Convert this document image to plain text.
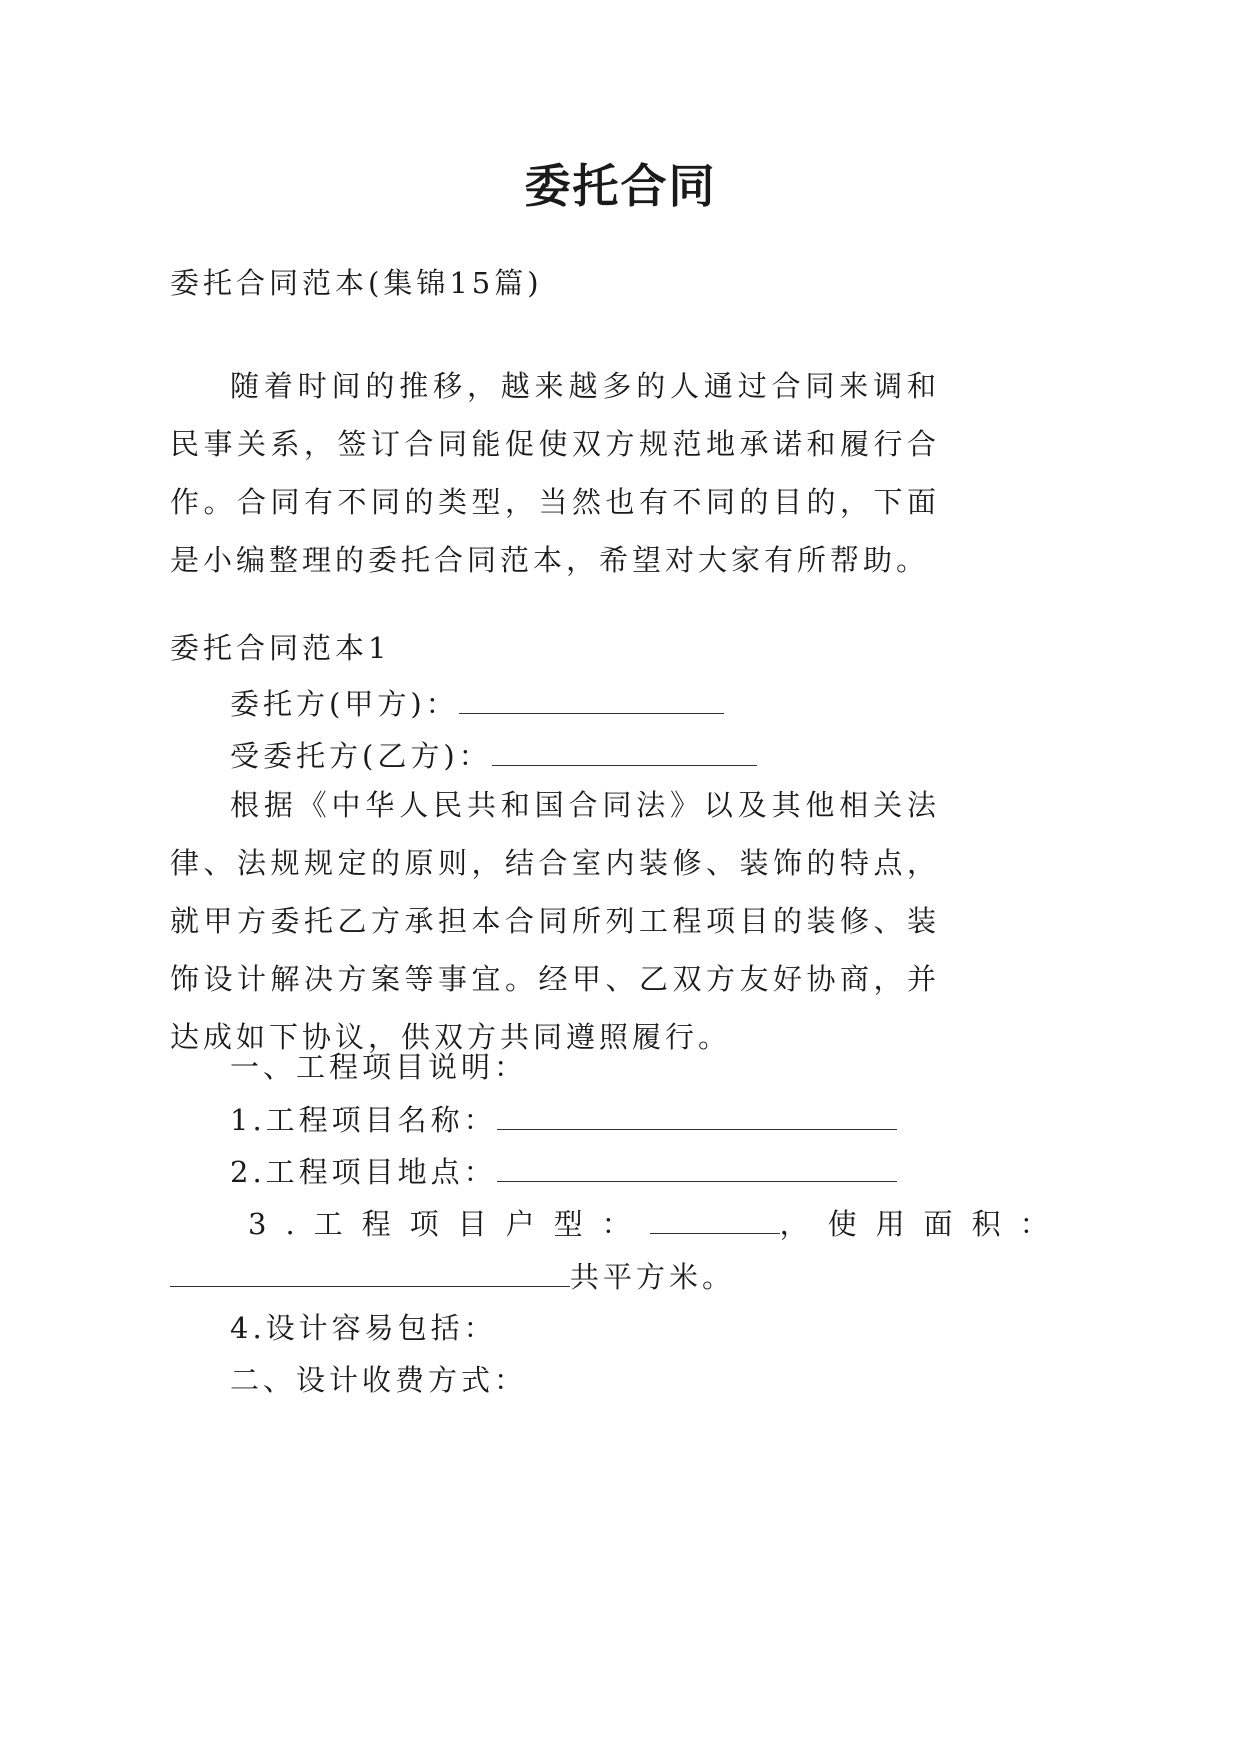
委托合同
委托合同范本(集锦15篇)

随着时间的推移，越来越多的人通过合同来调和民事关系，签订合同能促使双方规范地承诺和履行合作。合同有不同的类型，当然也有不同的目的，下面是小编整理的委托合同范本，希望对大家有所帮助。

委托合同范本1
委托方(甲方)：
受委托方(乙方)：

根据《中华人民共和国合同法》以及其他相关法律、法规规定的原则，结合室内装修、装饰的特点，就甲方委托乙方承担本合同所列工程项目的装修、装饰设计解决方案等事宜。经甲、乙双方友好协商，并达成如下协议，供双方共同遵照履行。

一、工程项目说明：
1.工程项目名称：
2.工程项目地点：
3.工程项目户型：	，使用面积：
共平方米。
4.设计容易包括：
二、设计收费方式：
